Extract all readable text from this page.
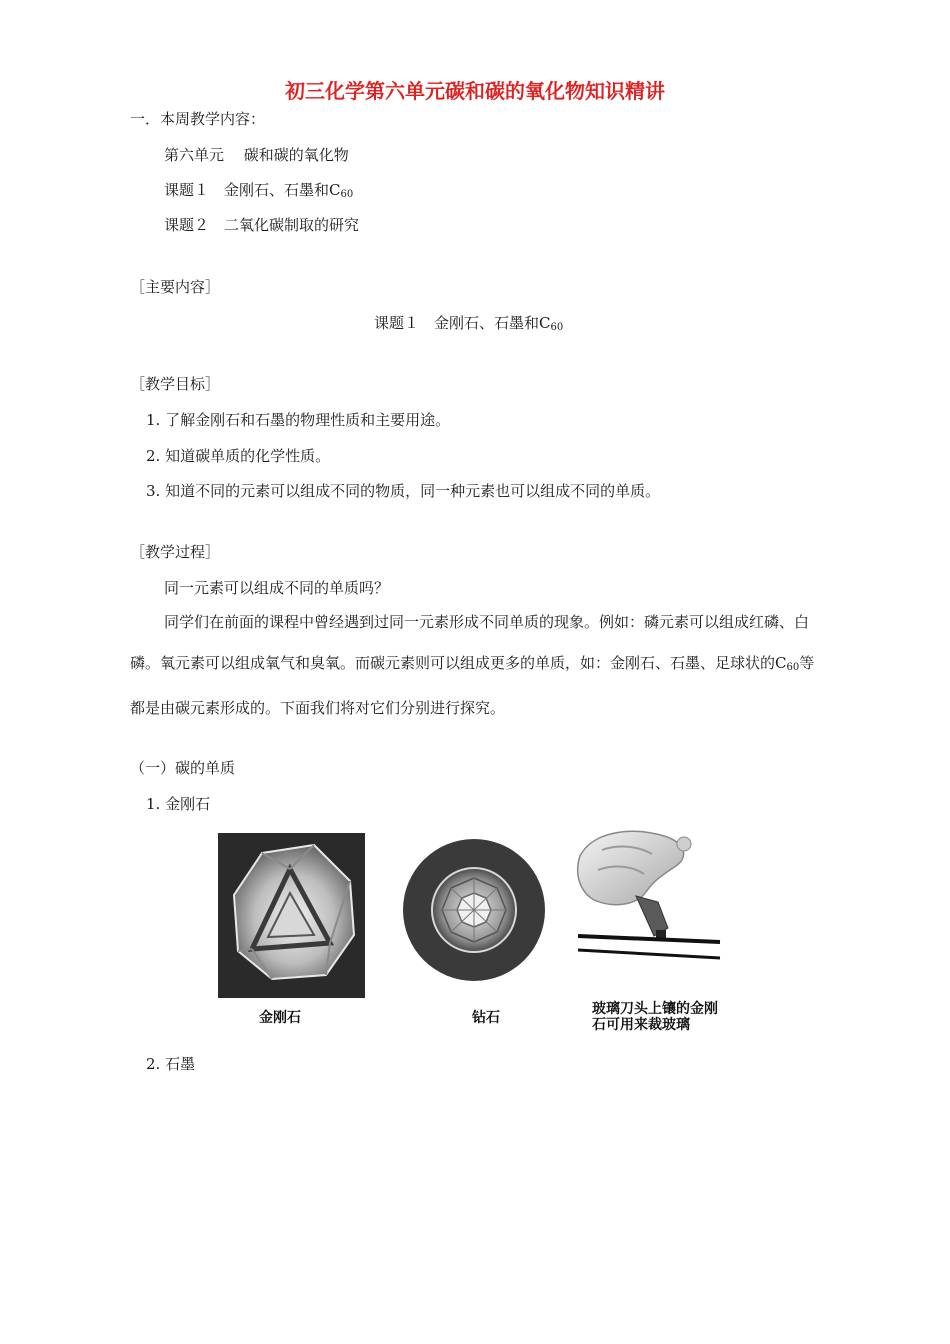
初三化学第六单元碳和碳的氧化物知识精讲
一．本周教学内容：
第六单元　 碳和碳的氧化物
课题１　金刚石、石墨和$C_{60}$
课题２　二氧化碳制取的研究
［主要内容］
课题１　金刚石、石墨和$C_{60}$
［教学目标］
1. 了解金刚石和石墨的物理性质和主要用途。
2. 知道碳单质的化学性质。
3. 知道不同的元素可以组成不同的物质，同一种元素也可以组成不同的单质。
［教学过程］
同一元素可以组成不同的单质吗？
同学们在前面的课程中曾经遇到过同一元素形成不同单质的现象。例如：磷元素可以组成红磷、白磷。氧元素可以组成氧气和臭氧。而碳元素则可以组成更多的单质，如：金刚石、石墨、足球状的$C_{60}$等都是由碳元素形成的。下面我们将对它们分别进行探究。
（一）碳的单质
1. 金刚石
金刚石	钻石
玻璃刀头上镶的金刚
石可用来裁玻璃
2. 石墨
